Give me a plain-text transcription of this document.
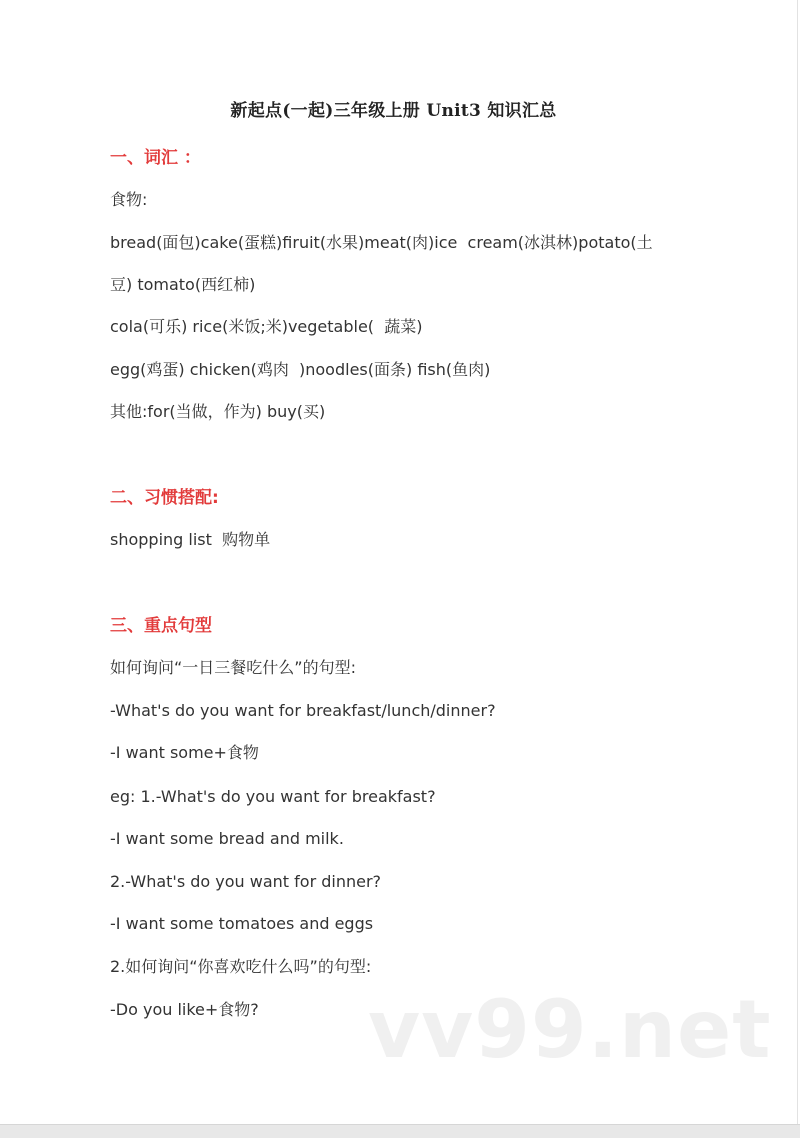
新起点(一起)三年级上册 Unit3 知识汇总
一、词汇 ：
食物:
bread(面包)cake(蛋糕)firuit(水果)meat(肉)ice  cream(冰淇林)potato(土
豆) tomato(西红柿)
cola(可乐) rice(米饭;米)vegetable(  蔬菜)
egg(鸡蛋) chicken(鸡肉  )noodles(面条) fish(鱼肉)
其他:for(当做，作为) buy(买)
二、习惯搭配:
shopping list  购物单
三、重点句型
如何询问“一日三餐吃什么”的句型:
-What's do you want for breakfast/lunch/dinner?
-I want some+食物
eg: 1.-What's do you want for breakfast?
-I want some bread and milk.
2.-What's do you want for dinner?
-I want some tomatoes and eggs
2.如何询问“你喜欢吃什么吗”的句型:
-Do you like+食物? vv99.net
